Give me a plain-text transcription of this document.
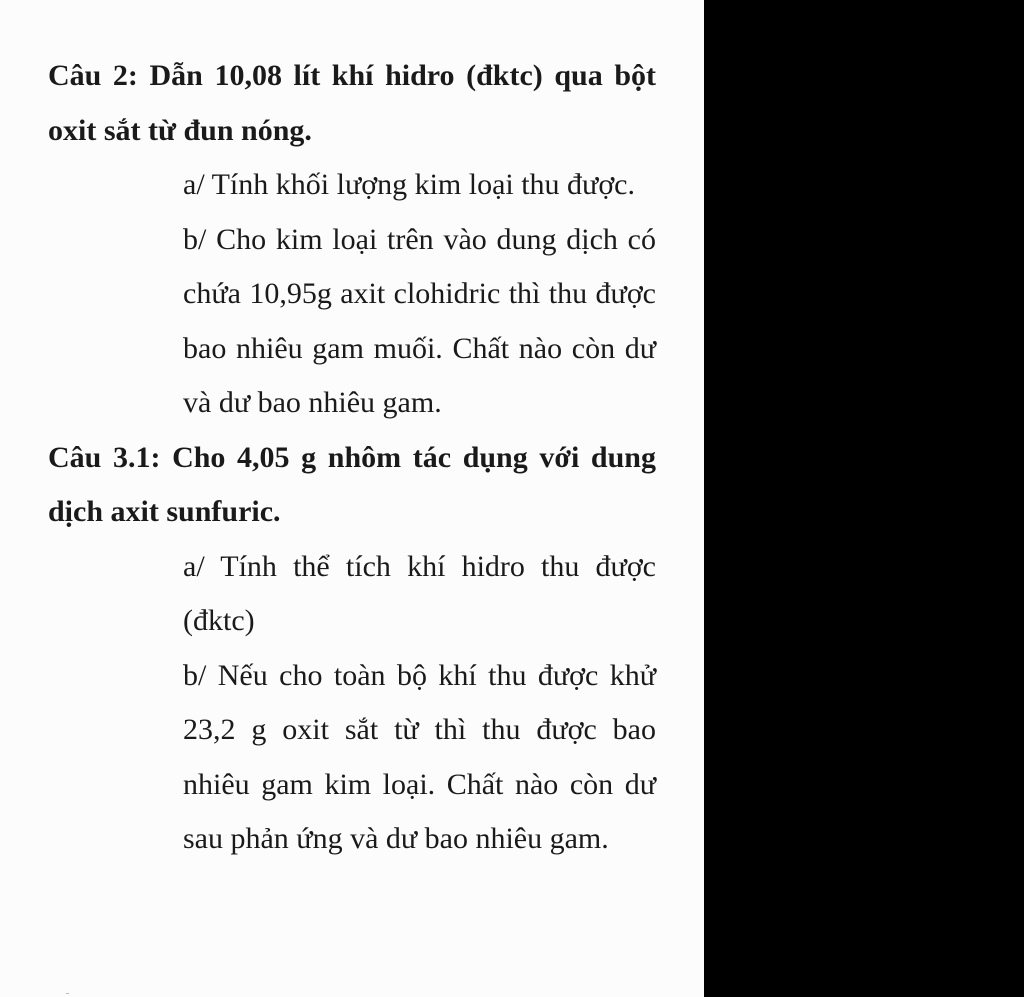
Câu 2: Dẫn 10,08 lít khí hidro (đktc) qua bột oxit sắt từ đun nóng.

a/ Tính khối lượng kim loại thu được.

b/ Cho kim loại trên vào dung dịch có chứa 10,95g axit clohidric thì thu được bao nhiêu gam muối. Chất nào còn dư và dư bao nhiêu gam.

Câu 3.1: Cho 4,05 g nhôm tác dụng với dung dịch axit sunfuric.

a/ Tính thể tích khí hidro thu được (đktc)

b/ Nếu cho toàn bộ khí thu được khử 23,2 g oxit sắt từ thì thu được bao nhiêu gam kim loại. Chất nào còn dư sau phản ứng và dư bao nhiêu gam.
